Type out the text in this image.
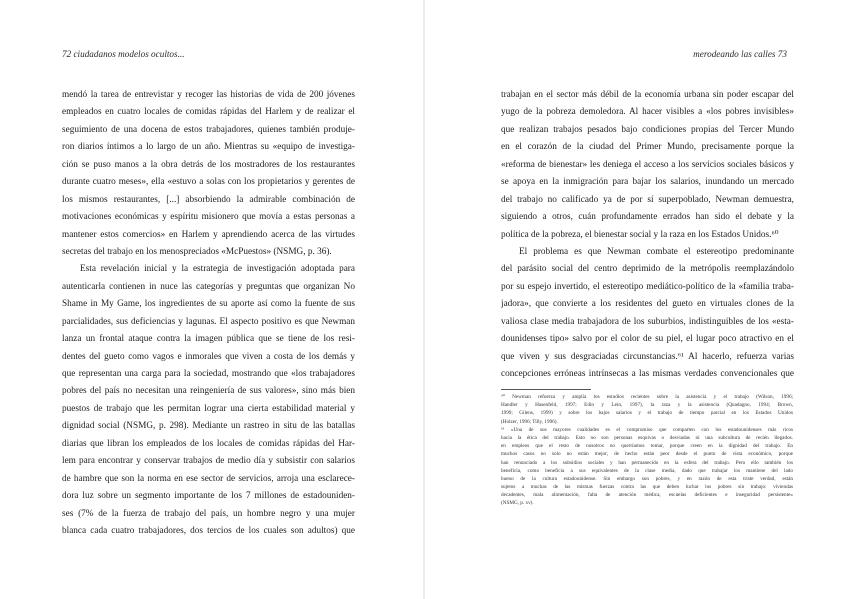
72 ciudadanos modelos ocultos...
mendó la tarea de entrevistar y recoger las historias de vida de 200 jóvenes
empleados en cuatro locales de comidas rápidas del Harlem y de realizar el
seguimiento de una docena de estos trabajadores, quienes también produje-
ron diarios íntimos a lo largo de un año. Mientras su «equipo de investiga-
ción se puso manos a la obra detrás de los mostradores de los restaurantes
durante cuatro meses», ella «estuvo a solas con los propietarios y gerentes de
los mismos restaurantes, [...] absorbiendo la admirable combinación de
motivaciones económicas y espíritu misionero que movía a estas personas a
mantener estos comercios» en Harlem y aprendiendo acerca de las virtudes
secretas del trabajo en los menospreciados «McPuestos» (NSMG, p. 36).
Esta revelación inicial y la estrategia de investigación adoptada para
autenticarla contienen in nuce las categorías y preguntas que organizan No
Shame in My Game, los ingredientes de su aporte así como la fuente de sus
parcialidades, sus deficiencias y lagunas. El aspecto positivo es que Newman
lanza un frontal ataque contra la imagen pública que se tiene de los resi-
dentes del gueto como vagos e inmorales que viven a costa de los demás y
que representan una carga para la sociedad, mostrando que «los trabajadores
pobres del país no necesitan una reingeniería de sus valores», sino más bien
puestos de trabajo que les permitan lograr una cierta estabilidad material y
dignidad social (NSMG, p. 298). Mediante un rastreo in situ de las batallas
diarias que libran los empleados de los locales de comidas rápidas del Har-
lem para encontrar y conservar trabajos de medio día y subsistir con salarios
de hambre que son la norma en ese sector de servicios, arroja una esclarece-
dora luz sobre un segmento importante de los 7 millones de estadouniden-
ses (7% de la fuerza de trabajo del país, un hombre negro y una mujer
blanca cada cuatro trabajadores, dos tercios de los cuales son adultos) que
merodeando las calles 73
trabajan en el sector más débil de la economía urbana sin poder escapar del
yugo de la pobreza demoledora. Al hacer visibles a «los pobres invisibles»
que realizan trabajos pesados bajo condiciones propias del Tercer Mundo
en el corazón de la ciudad del Primer Mundo, precisamente porque la
«reforma de bienestar» les deniega el acceso a los servicios sociales básicos y
se apoya en la inmigración para bajar los salarios, inundando un mercado
del trabajo no calificado ya de por sí superpoblado, Newman demuestra,
siguiendo a otros, cuán profundamente errados han sido el debate y la
política de la pobreza, el bienestar social y la raza en los Estados Unidos.⁶⁰
El problema es que Newman combate el estereotipo predominante
del parásito social del centro deprimido de la metrópolis reemplazándolo
por su espejo invertido, el estereotipo mediático-político de la «familia traba-
jadora», que convierte a los residentes del gueto en virtuales clones de la
valiosa clase media trabajadora de los suburbios, indistinguibles de los «esta-
dounidenses tipo» salvo por el color de su piel, el lugar poco atractivo en el
que viven y sus desgraciadas circunstancias.⁶¹ Al hacerlo, refuerza varias
concepciones erróneas intrínsecas a las mismas verdades convencionales que
⁶⁰ Newman refuerza y amplía los estudios recientes sobre la asistencia y el trabajo (Wilson, 1996;
Handler y Hasenfeld, 1997; Edin y Lein, 1997), la raza y la asistencia (Quadagno, 1994; Brown,
1999; Gilens, 1999) y sobre los bajos salarios y el trabajo de tiempo parcial en los Estados Unidos
(Holzer, 1996; Tilly, 1996).
⁶¹ «Una de sus mayores cualidades es el compromiso que comparten con los estadounidenses más ricos
hacia la ética del trabajo. Esto no son personas esquivas o desviadas ni una subcultura de recién llegados.
en empleos que el resto de nosotros no querríamos tomar, porque creen en la dignidad del trabajo. En
muchos casos no solo no están mejor, de hecho están peor desde el punto de vista económico, porque
han renunciado a los subsidios sociales y han permanecido en la esfera del trabajo. Pero ello también los
beneficia, como beneficia a sus equivalentes de la clase media, dado que trabajar los mantiene del lado
bueno de la cultura estadounidense. Sin embargo son pobres, y en razón de esta triste verdad, están
sujetos a muchas de las mismas fuerzas contra las que deben luchar los pobres sin trabajo: viviendas
decadentes, mala alimentación, falta de atención médica, escuelas deficientes e inseguridad persistente»
(NSMG, p. xv).
